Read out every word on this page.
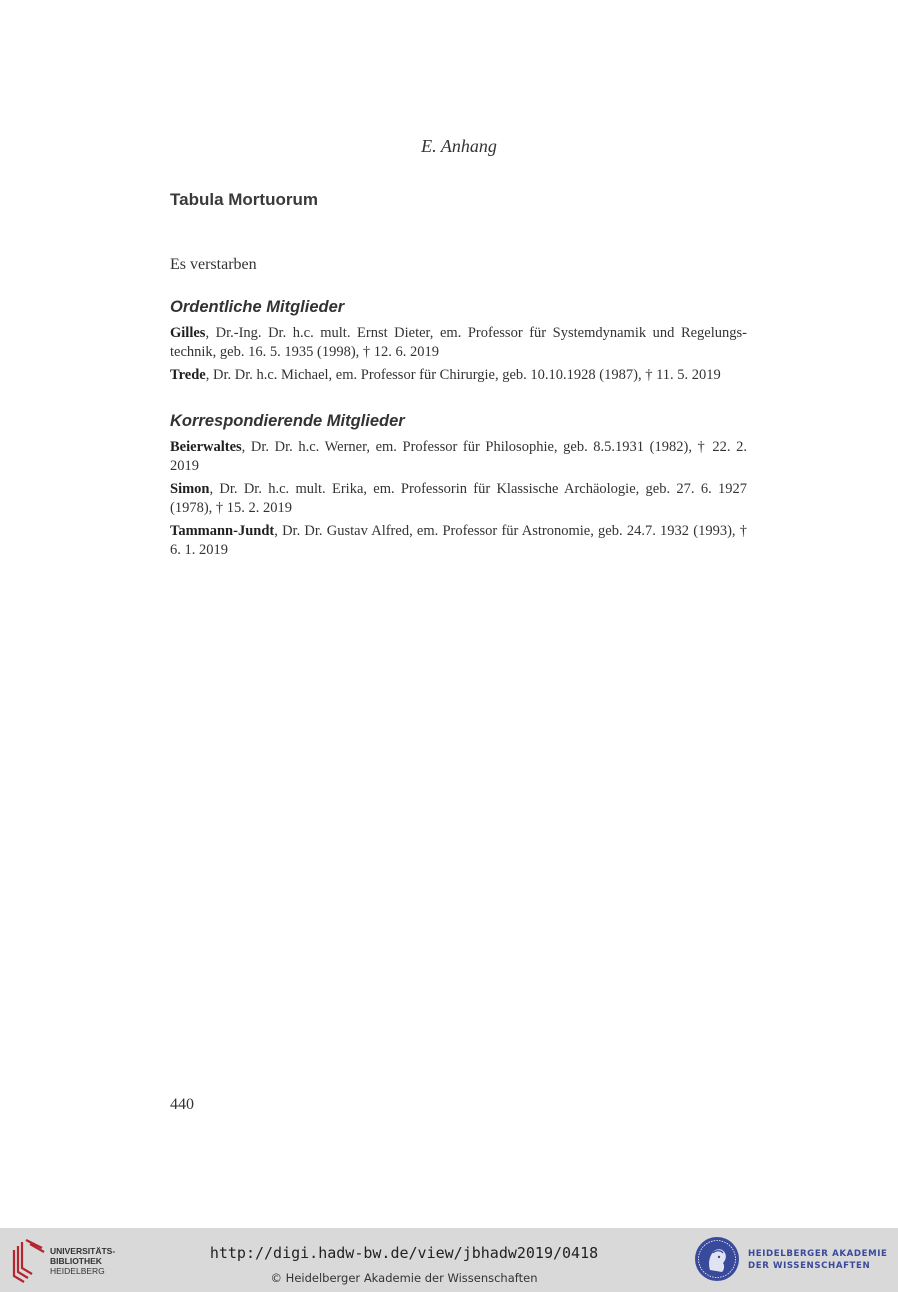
E. Anhang
Tabula Mortuorum
Es verstarben
Ordentliche Mitglieder
Gilles, Dr.-Ing. Dr. h.c. mult. Ernst Dieter, em. Professor für Systemdynamik und Regelungs-technik, geb. 16. 5. 1935 (1998), † 12. 6. 2019
Trede, Dr. Dr. h.c. Michael, em. Professor für Chirurgie, geb. 10.10.1928 (1987), † 11. 5. 2019
Korrespondierende Mitglieder
Beierwaltes, Dr. Dr. h.c. Werner, em. Professor für Philosophie, geb. 8.5.1931 (1982), † 22. 2. 2019
Simon, Dr. Dr. h.c. mult. Erika, em. Professorin für Klassische Archäologie, geb. 27. 6. 1927 (1978), † 15. 2. 2019
Tammann-Jundt, Dr. Dr. Gustav Alfred, em. Professor für Astronomie, geb. 24.7. 1932 (1993), † 6. 1. 2019
440
UNIVERSITÄTS-
BIBLIOTHEK
HEIDELBERG
http://digi.hadw-bw.de/view/jbhadw2019/0418
© Heidelberger Akademie der Wissenschaften
HEIDELBERGER AKADEMIE
DER WISSENSCHAFTEN
